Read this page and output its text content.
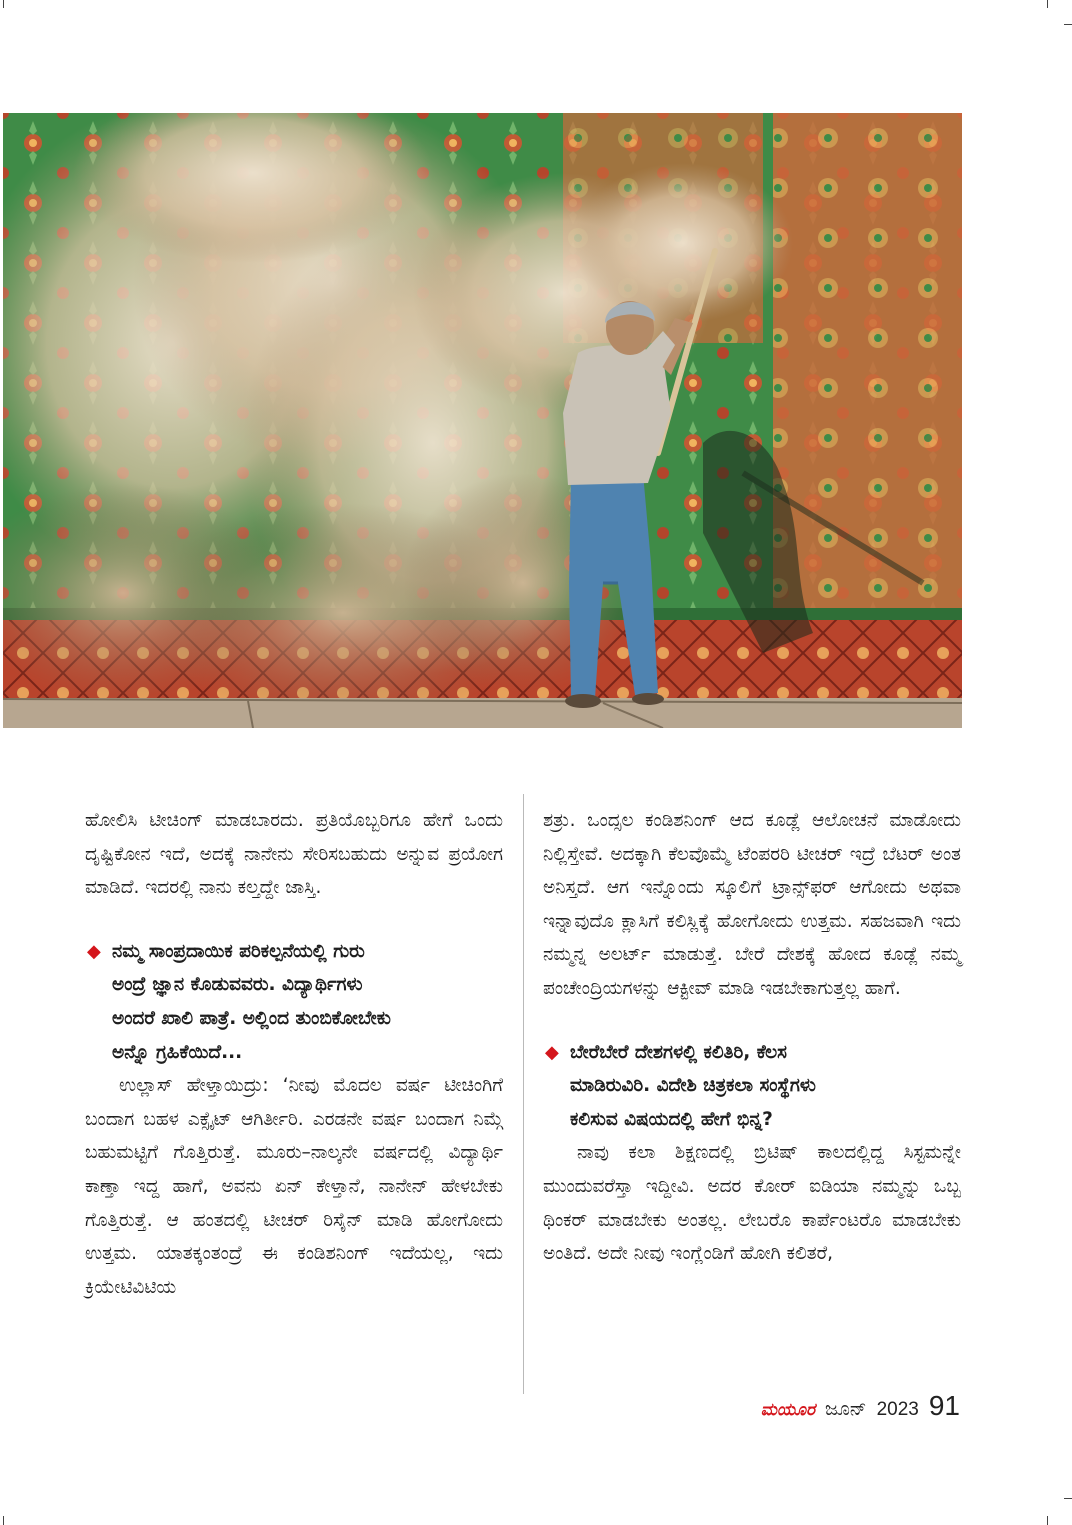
ಹೋಲಿಸಿ ಟೀಚಿಂಗ್ ಮಾಡಬಾರದು. ಪ್ರತಿಯೊಬ್ಬರಿಗೂ ಹೇಗೆ ಒಂದು ದೃಷ್ಟಿಕೋನ ಇದೆ, ಅದಕ್ಕೆ ನಾನೇನು ಸೇರಿಸಬಹುದು ಅನ್ನುವ ಪ್ರಯೋಗ ಮಾಡಿದೆ. ಇದರಲ್ಲಿ ನಾನು ಕಲ್ತದ್ದೇ ಜಾಸ್ತಿ.

◆ ನಮ್ಮ ಸಾಂಪ್ರದಾಯಿಕ ಪರಿಕಲ್ಪನೆಯಲ್ಲಿ ಗುರು
ಅಂದ್ರೆ ಜ್ಞಾನ ಕೊಡುವವರು. ವಿದ್ಯಾರ್ಥಿಗಳು
ಅಂದರೆ ಖಾಲಿ ಪಾತ್ರೆ. ಅಲ್ಲಿಂದ ತುಂಬಿಕೋಬೇಕು
ಅನ್ನೊ ಗ್ರಹಿಕೆಯಿದೆ...

ಉಲ್ಲಾಸ್ ಹೇಳ್ತಾಯಿದ್ರು: ‘ನೀವು ಮೊದಲ ವರ್ಷ ಟೀಚಿಂಗಿಗೆ ಬಂದಾಗ ಬಹಳ ಎಕ್ಸೈಟ್ ಆಗಿರ್ತೀರಿ. ಎರಡನೇ ವರ್ಷ ಬಂದಾಗ ನಿಮ್ಗೆ ಬಹುಮಟ್ಟಿಗೆ ಗೊತ್ತಿರುತ್ತೆ. ಮೂರು–ನಾಲ್ಕನೇ ವರ್ಷದಲ್ಲಿ ವಿದ್ಯಾರ್ಥಿ ಕಾಣ್ತಾ ಇದ್ದ ಹಾಗೆ, ಅವನು ಏನ್ ಕೇಳ್ತಾನೆ, ನಾನೇನ್ ಹೇಳಬೇಕು ಗೊತ್ತಿರುತ್ತೆ. ಆ ಹಂತದಲ್ಲಿ ಟೀಚರ್ ರಿಸೈನ್ ಮಾಡಿ ಹೋಗೋದು ಉತ್ತಮ. ಯಾತಕ್ಕಂತಂದ್ರೆ ಈ ಕಂಡಿಶನಿಂಗ್ ಇದೆಯಲ್ಲ, ಇದು ಕ್ರಿಯೇಟಿವಿಟಿಯ

ಶತ್ರು. ಒಂದ್ಸಲ ಕಂಡಿಶನಿಂಗ್ ಆದ ಕೂಡ್ಲೆ ಆಲೋಚನೆ ಮಾಡೋದು ನಿಲ್ಲಿಸ್ತೇವೆ. ಅದಕ್ಕಾಗಿ ಕೆಲವೊಮ್ಮೆ ಟೆಂಪರರಿ ಟೀಚರ್ ಇದ್ರೆ ಬೆಟರ್ ಅಂತ ಅನಿಸ್ತದೆ. ಆಗ ಇನ್ನೊಂದು ಸ್ಕೂಲಿಗೆ ಟ್ರಾನ್ಸ್‌ಫರ್ ಆಗೋದು ಅಥವಾ ಇನ್ನಾವುದೊ ಕ್ಲಾಸಿಗೆ ಕಲಿಸ್ಲಿಕ್ಕೆ ಹೋಗೋದು ಉತ್ತಮ. ಸಹಜವಾಗಿ ಇದು ನಮ್ಮನ್ನ ಅಲರ್ಟ್ ಮಾಡುತ್ತೆ. ಬೇರೆ ದೇಶಕ್ಕೆ ಹೋದ ಕೂಡ್ಲೆ ನಮ್ಮ ಪಂಚೇಂದ್ರಿಯಗಳನ್ನು ಆಕ್ಟೀವ್ ಮಾಡಿ ಇಡಬೇಕಾಗುತ್ತಲ್ಲ ಹಾಗೆ.

◆ ಬೇರೆಬೇರೆ ದೇಶಗಳಲ್ಲಿ ಕಲಿತಿರಿ, ಕೆಲಸ
ಮಾಡಿರುವಿರಿ. ವಿದೇಶಿ ಚಿತ್ರಕಲಾ ಸಂಸ್ಥೆಗಳು
ಕಲಿಸುವ ವಿಷಯದಲ್ಲಿ ಹೇಗೆ ಭಿನ್ನ?

ನಾವು ಕಲಾ ಶಿಕ್ಷಣದಲ್ಲಿ ಬ್ರಿಟಿಷ್ ಕಾಲದಲ್ಲಿದ್ದ ಸಿಸ್ಟಮನ್ನೇ ಮುಂದುವರೆಸ್ತಾ ಇದ್ದೀವಿ. ಅದರ ಕೋರ್ ಐಡಿಯಾ ನಮ್ಮನ್ನು ಒಬ್ಬ ಥಿಂಕರ್ ಮಾಡಬೇಕು ಅಂತಲ್ಲ. ಲೇಬರೊ ಕಾರ್ಪೆಂಟರೊ ಮಾಡಬೇಕು ಅಂತಿದೆ. ಅದೇ ನೀವು ಇಂಗ್ಲೆಂಡಿಗೆ ಹೋಗಿ ಕಲಿತರೆ,

ಮಯೂರ ಜೂನ್ 2023 91
